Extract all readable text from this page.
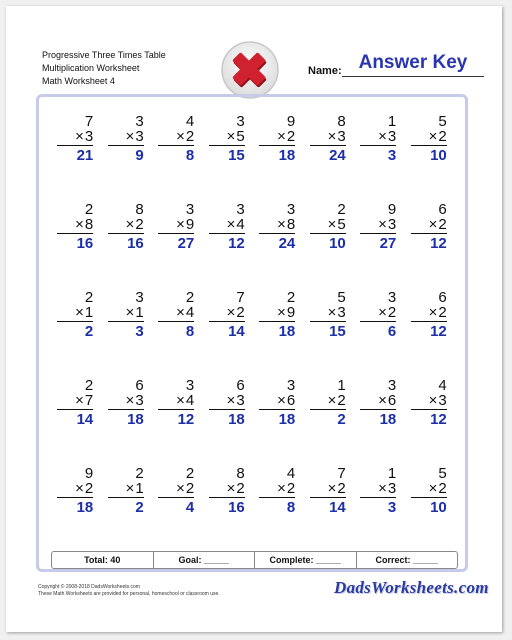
Progressive Three Times Table
Multiplication Worksheet
Math Worksheet 4
Name: Answer Key
7
×3
21
3
×3
9
4
×2
8
3
×5
15
9
×2
18
8
×3
24
1
×3
3
5
×2
10
2
×8
16
8
×2
16
3
×9
27
3
×4
12
3
×8
24
2
×5
10
9
×3
27
6
×2
12
2
×1
2
3
×1
3
2
×4
8
7
×2
14
2
×9
18
5
×3
15
3
×2
6
6
×2
12
2
×7
14
6
×3
18
3
×4
12
6
×3
18
3
×6
18
1
×2
2
3
×6
18
4
×3
12
9
×2
18
2
×1
2
2
×2
4
8
×2
16
4
×2
8
7
×2
14
1
×3
3
5
×2
10
Total: 40	Goal: _____	Complete: _____	Correct: _____
Copyright © 2008-2018 DadsWorksheets.com
These Math Worksheets are provided for personal, homeschool or classroom use.	DadsWorksheets.com
